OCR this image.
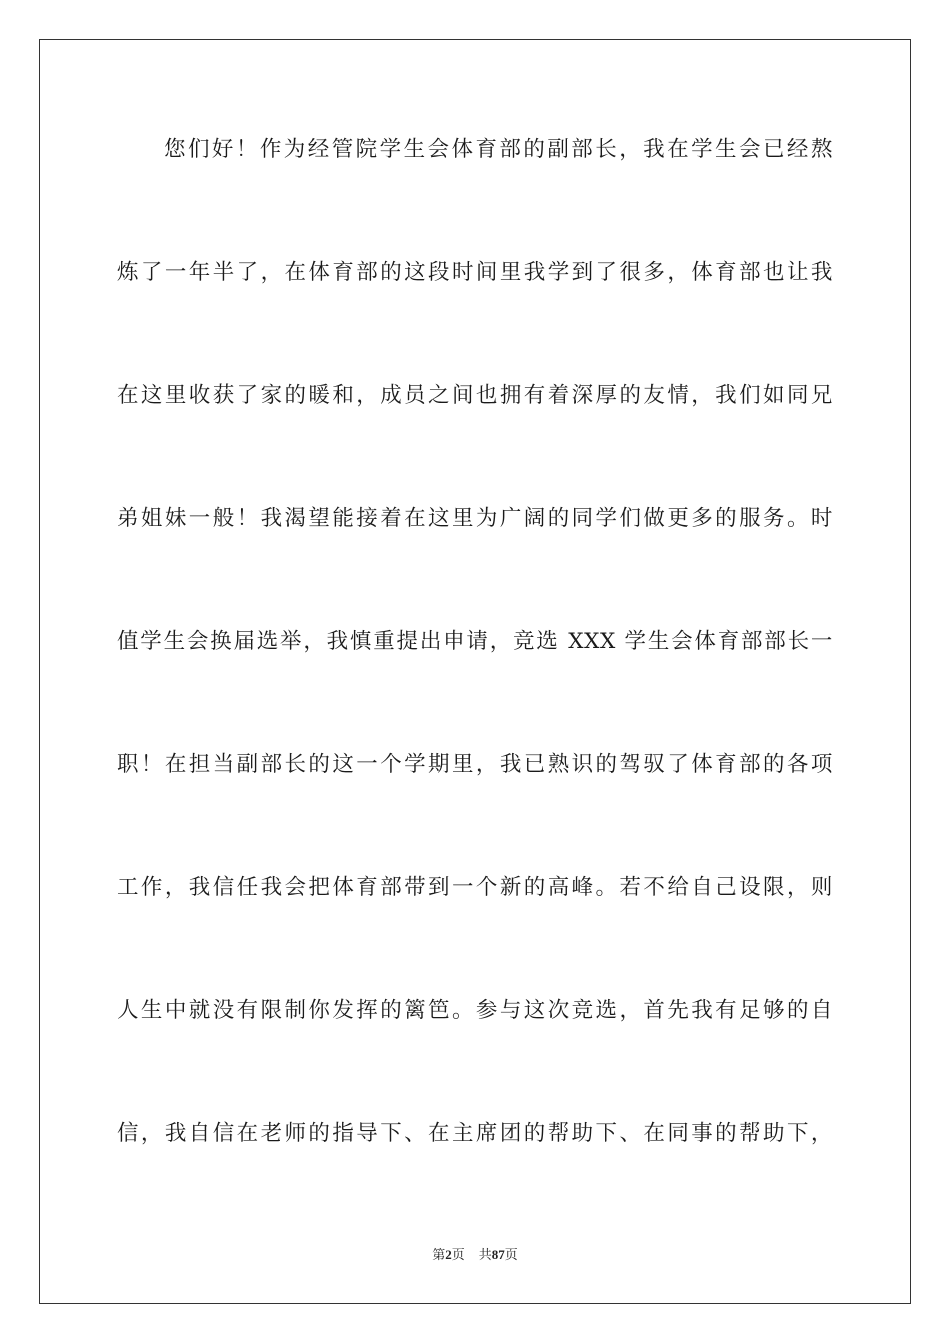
您们好！作为经管院学生会体育部的副部长，我在学生会已经熬
炼了一年半了，在体育部的这段时间里我学到了很多，体育部也让我
在这里收获了家的暖和，成员之间也拥有着深厚的友情，我们如同兄
弟姐妹一般！我渴望能接着在这里为广阔的同学们做更多的服务。时
值学生会换届选举，我慎重提出申请，竞选 XXX 学生会体育部部长一
职！在担当副部长的这一个学期里，我已熟识的驾驭了体育部的各项
工作，我信任我会把体育部带到一个新的高峰。若不给自己设限，则
人生中就没有限制你发挥的篱笆。参与这次竞选，首先我有足够的自
信，我自信在老师的指导下、在主席团的帮助下、在同事的帮助下，
第2页 共87页
